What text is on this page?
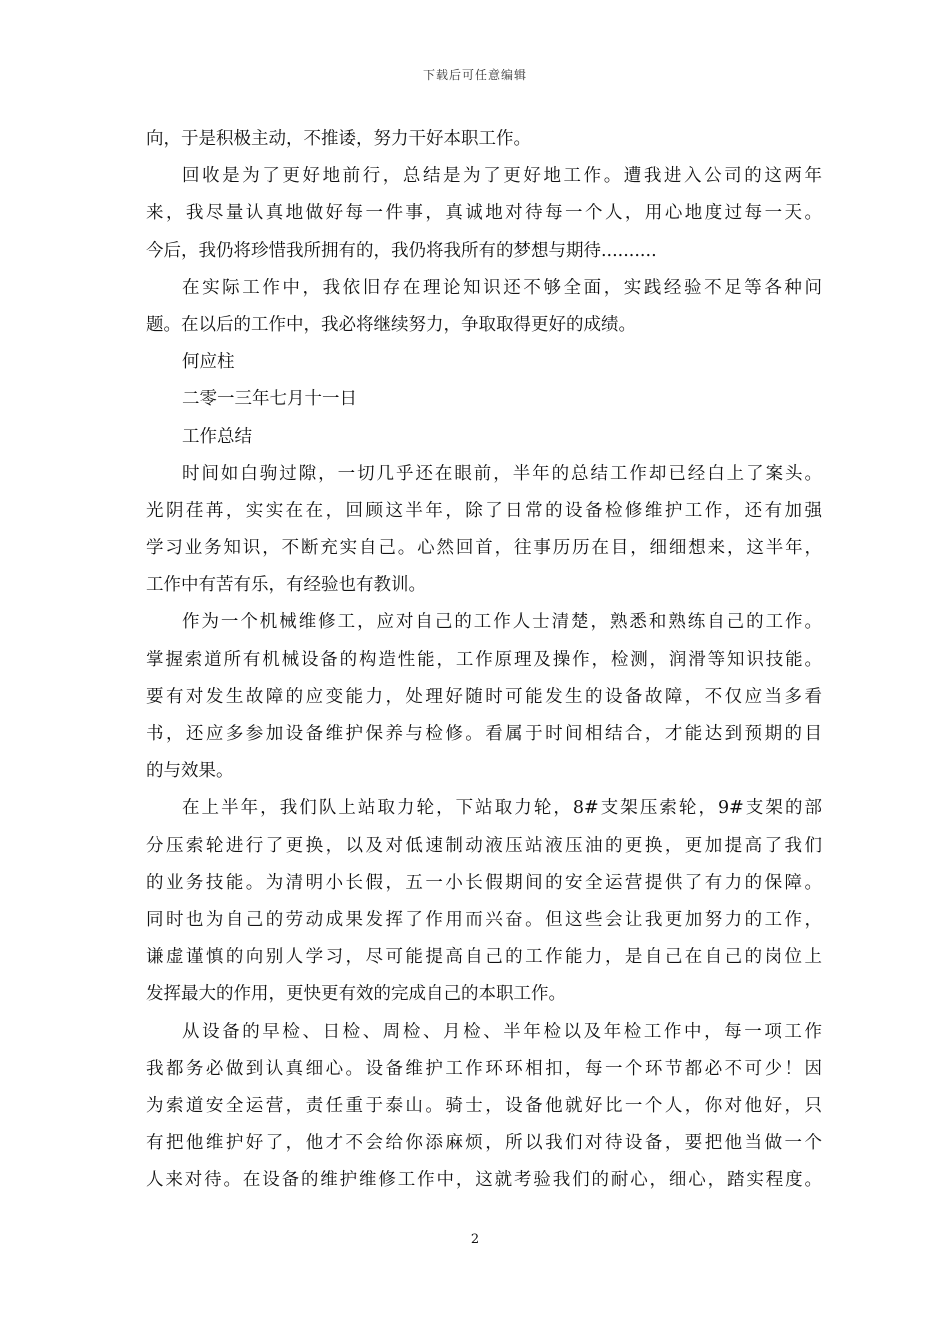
下载后可任意编辑
向，于是积极主动，不推诿，努力干好本职工作。
回收是为了更好地前行，总结是为了更好地工作。遭我进入公司的这两年
来，我尽量认真地做好每一件事，真诚地对待每一个人，用心地度过每一天。
今后，我仍将珍惜我所拥有的，我仍将我所有的梦想与期待..........
在实际工作中，我依旧存在理论知识还不够全面，实践经验不足等各种问
题。在以后的工作中，我必将继续努力，争取取得更好的成绩。
何应柱
二零一三年七月十一日
工作总结
时间如白驹过隙，一切几乎还在眼前，半年的总结工作却已经白上了案头。
光阴荏苒，实实在在，回顾这半年，除了日常的设备检修维护工作，还有加强
学习业务知识，不断充实自己。心然回首，往事历历在目，细细想来，这半年，
工作中有苦有乐，有经验也有教训。
作为一个机械维修工，应对自己的工作人士清楚，熟悉和熟练自己的工作。
掌握索道所有机械设备的构造性能，工作原理及操作，检测，润滑等知识技能。
要有对发生故障的应变能力，处理好随时可能发生的设备故障，不仅应当多看
书，还应多参加设备维护保养与检修。看属于时间相结合，才能达到预期的目
的与效果。
在上半年，我们队上站取力轮，下站取力轮，8#支架压索轮，9#支架的部
分压索轮进行了更换，以及对低速制动液压站液压油的更换，更加提高了我们
的业务技能。为清明小长假，五一小长假期间的安全运营提供了有力的保障。
同时也为自己的劳动成果发挥了作用而兴奋。但这些会让我更加努力的工作，
谦虚谨慎的向别人学习，尽可能提高自己的工作能力，是自己在自己的岗位上
发挥最大的作用，更快更有效的完成自己的本职工作。
从设备的早检、日检、周检、月检、半年检以及年检工作中，每一项工作
我都务必做到认真细心。设备维护工作环环相扣，每一个环节都必不可少！因
为索道安全运营，责任重于泰山。骑士，设备他就好比一个人，你对他好，只
有把他维护好了，他才不会给你添麻烦，所以我们对待设备，要把他当做一个
人来对待。在设备的维护维修工作中，这就考验我们的耐心，细心，踏实程度。
2
